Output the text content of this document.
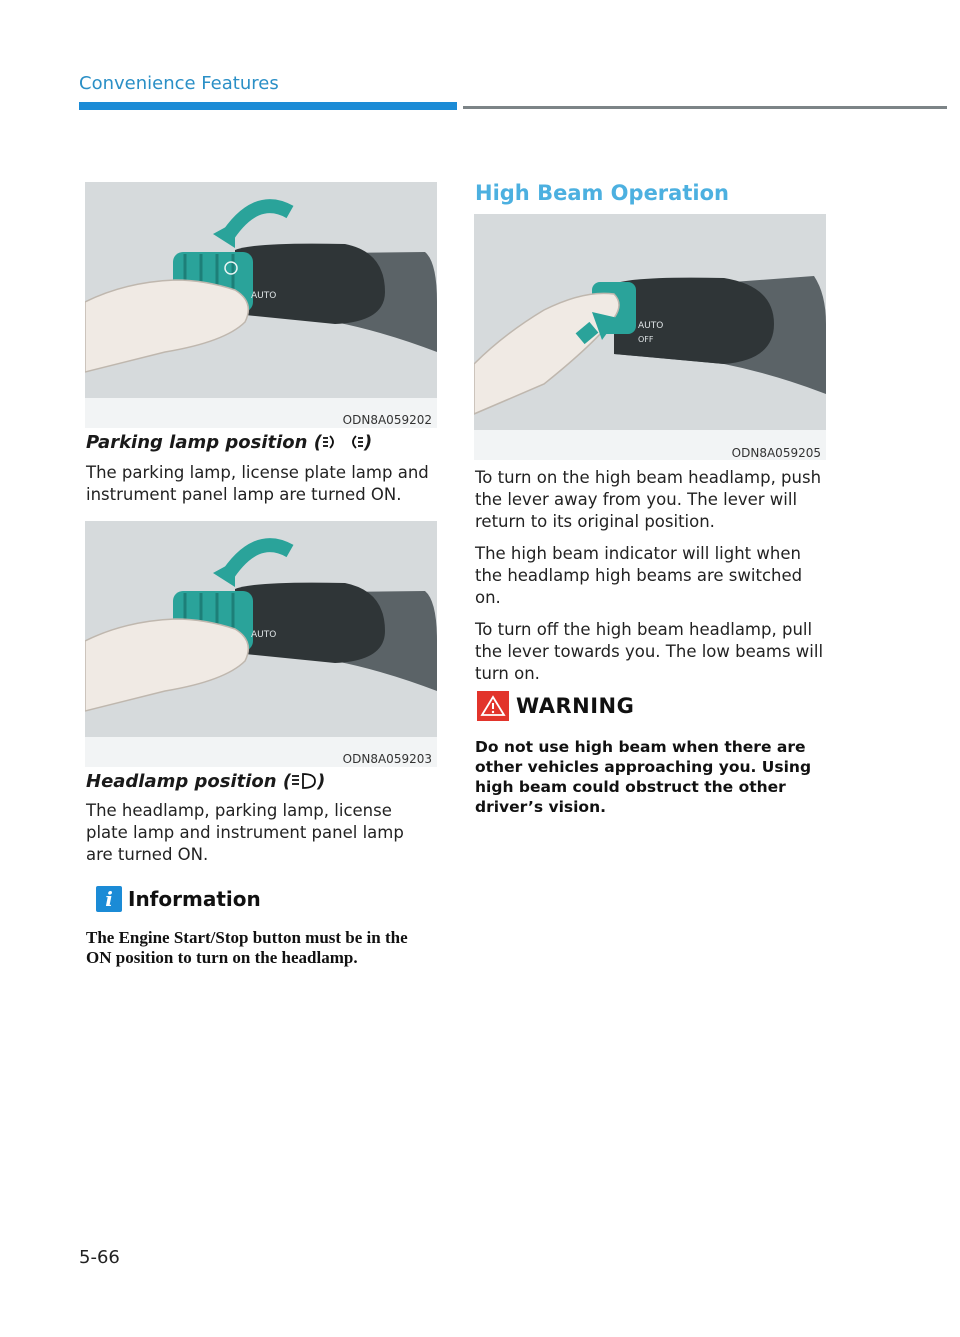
Convenience Features
AUTO
ODN8A059202
Parking lamp position ( )
The parking lamp, license plate lamp and instrument panel lamp are turned ON.
AUTO
ODN8A059203
Headlamp position ( )
The headlamp, parking lamp, license plate lamp and instrument panel lamp are turned ON.
i Information
The Engine Start/Stop button must be in the ON position to turn on the headlamp.
High Beam Operation
AUTO
OFF
ODN8A059205

To turn on the high beam headlamp, push the lever away from you. The lever will return to its original position.

The high beam indicator will light when the headlamp high beams are switched on.

To turn off the high beam headlamp, pull the lever towards you. The low beams will turn on.

WARNING
Do not use high beam when there are other vehicles approaching you. Using high beam could obstruct the other driver’s vision.
5-66
